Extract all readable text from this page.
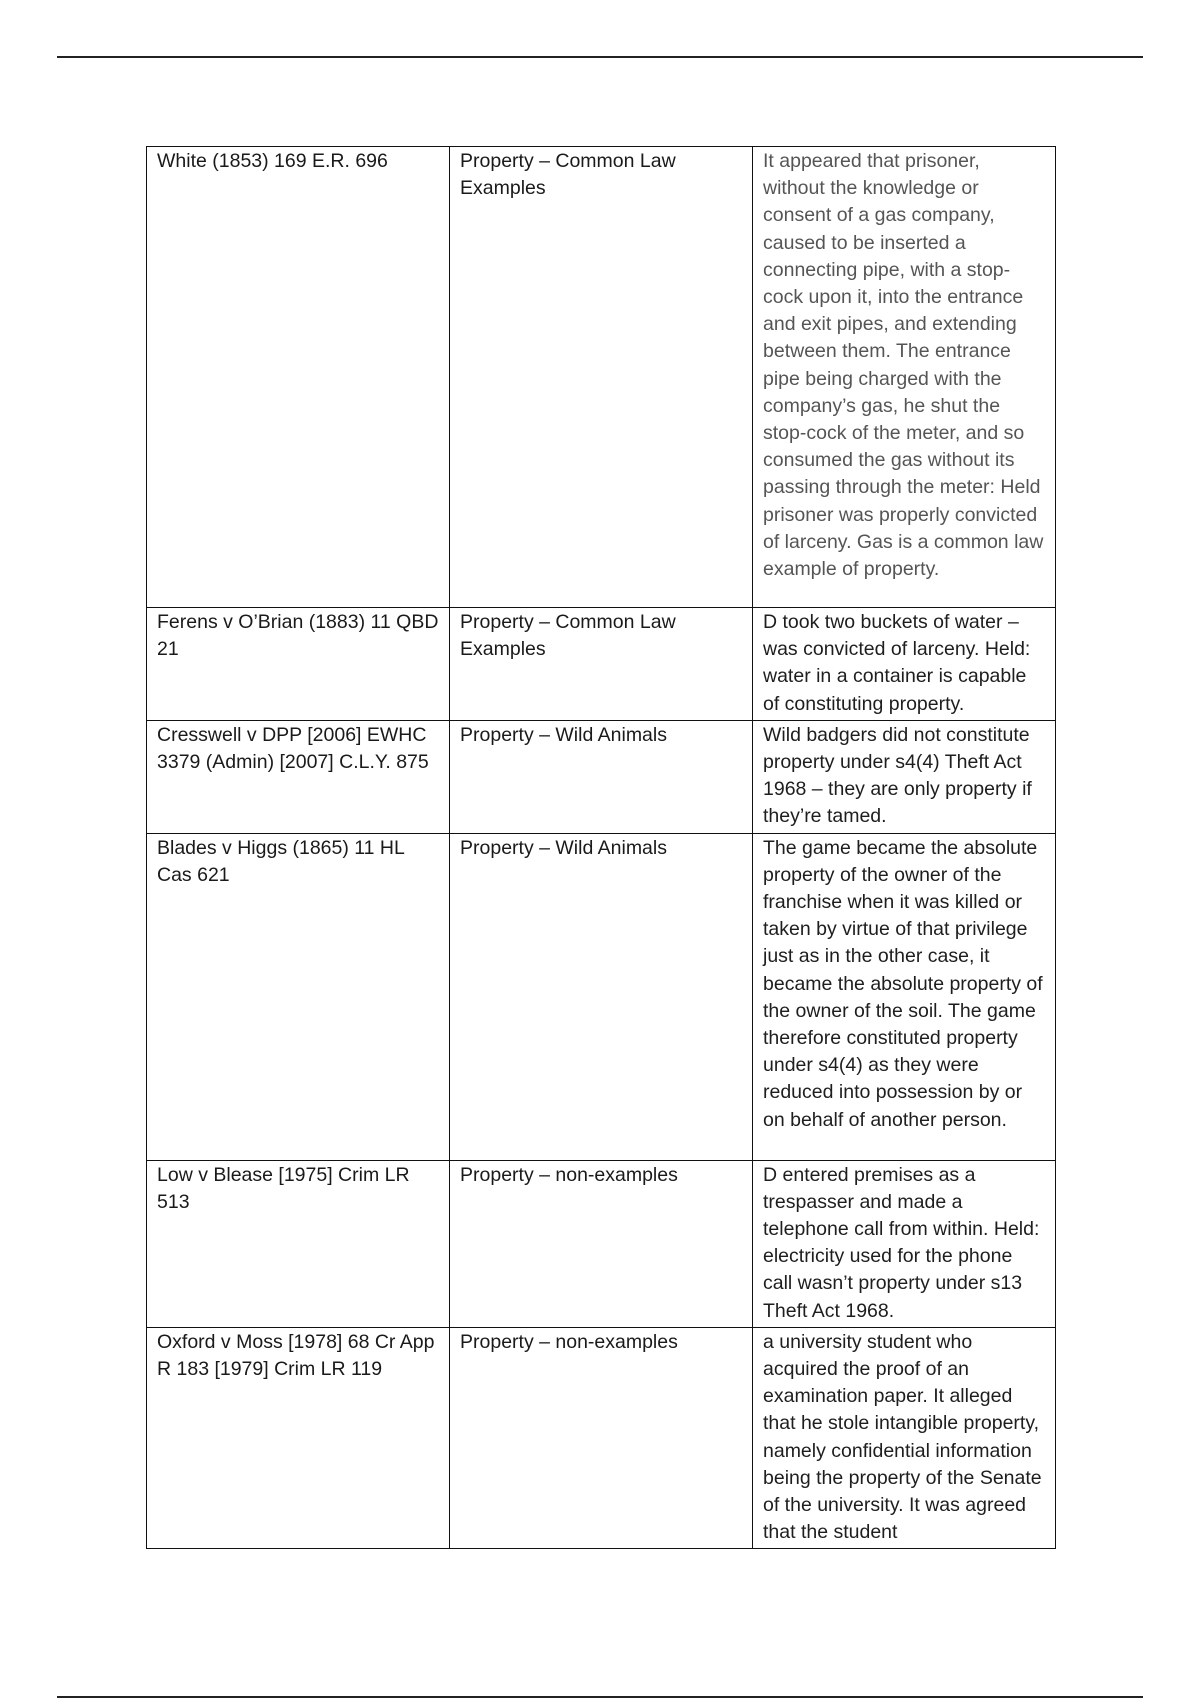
White (1853) 169 E.R. 696	Property – Common Law Examples	It appeared that prisoner, without the knowledge or consent of a gas company, caused to be inserted a connecting pipe, with a stop-cock upon it, into the entrance and exit pipes, and extending between them. The entrance pipe being charged with the company’s gas, he shut the stop-cock of the meter, and so consumed the gas without its passing through the meter: Held prisoner was properly convicted of larceny. Gas is a common law example of property.
Ferens v O’Brian (1883) 11 QBD 21	Property – Common Law Examples	D took two buckets of water – was convicted of larceny. Held: water in a container is capable of constituting property.
Cresswell v DPP [2006] EWHC 3379 (Admin) [2007] C.L.Y. 875	Property – Wild Animals	Wild badgers did not constitute property under s4(4) Theft Act 1968 – they are only property if they’re tamed.
Blades v Higgs (1865) 11 HL Cas 621	Property – Wild Animals	The game became the absolute property of the owner of the franchise when it was killed or taken by virtue of that privilege just as in the other case, it became the absolute property of the owner of the soil. The game therefore constituted property under s4(4) as they were reduced into possession by or on behalf of another person.
Low v Blease [1975] Crim LR 513	Property – non-examples	D entered premises as a trespasser and made a telephone call from within. Held: electricity used for the phone call wasn’t property under s13 Theft Act 1968.
Oxford v Moss [1978] 68 Cr App R 183 [1979] Crim LR 119	Property – non-examples	a university student who acquired the proof of an examination paper. It alleged that he stole intangible property, namely confidential information being the property of the Senate of the university. It was agreed that the student
